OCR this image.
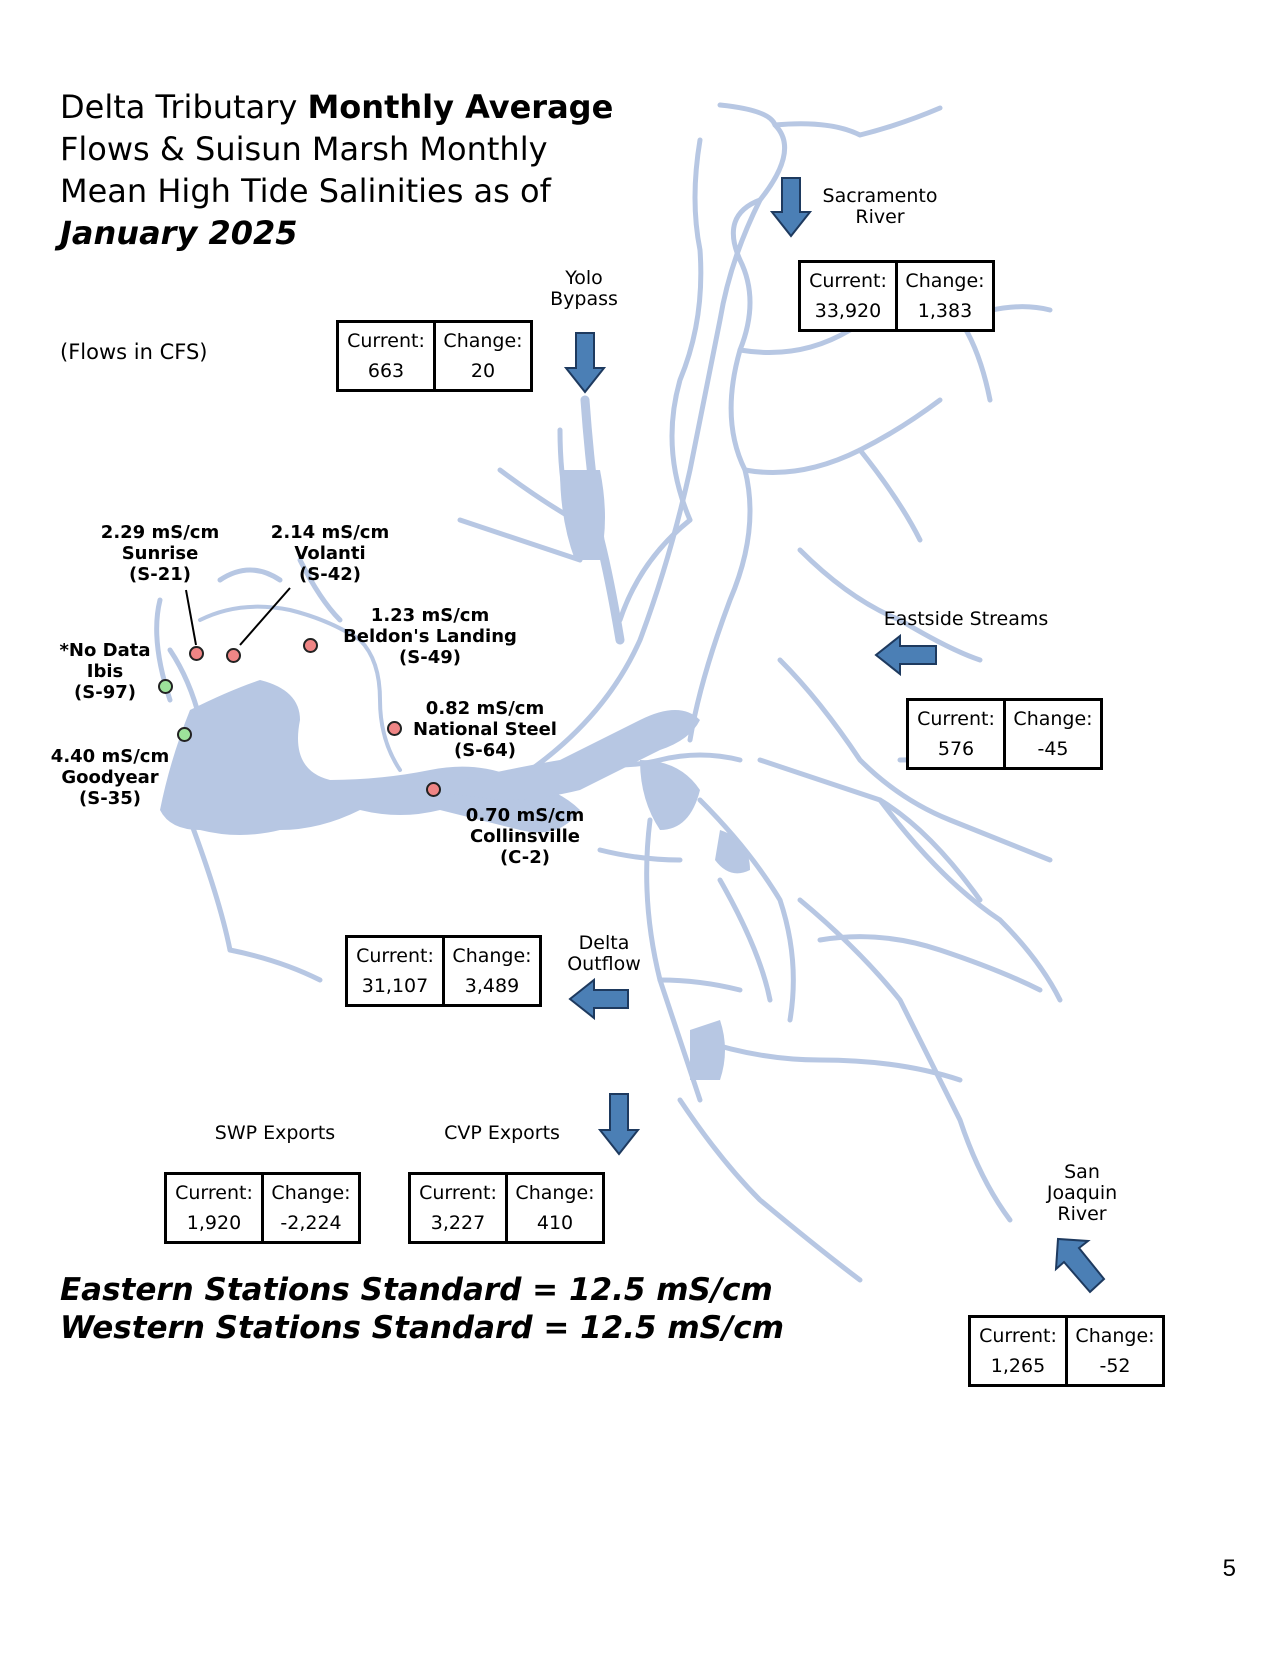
Delta Tributary Monthly Average
Flows & Suisun Marsh Monthly
Mean High Tide Salinities as of
January 2025
(Flows in CFS)
Sacramento River
Yolo Bypass
Eastside Streams
Delta Outflow
SWP Exports	CVP Exports
San Joaquin River
Current:
33,920
Change:
1,383
Current:
663
Change:
20
Current:
576
Change:
-45
Current:
31,107
Change:
3,489
Current:
1,920
Change:
-2,224
Current:
3,227
Change:
410
Current:
1,265
Change:
-52
2.29 mS/cm
Sunrise
(S-21)
2.14 mS/cm
Volanti
(S-42)
1.23 mS/cm
Beldon's Landing
(S-49)
*No Data
Ibis
(S-97)
4.40 mS/cm
Goodyear
(S-35)
0.82 mS/cm
National Steel
(S-64)
0.70 mS/cm
Collinsville
(C-2)
Eastern Stations Standard = 12.5 mS/cm
Western Stations Standard = 12.5 mS/cm
5
